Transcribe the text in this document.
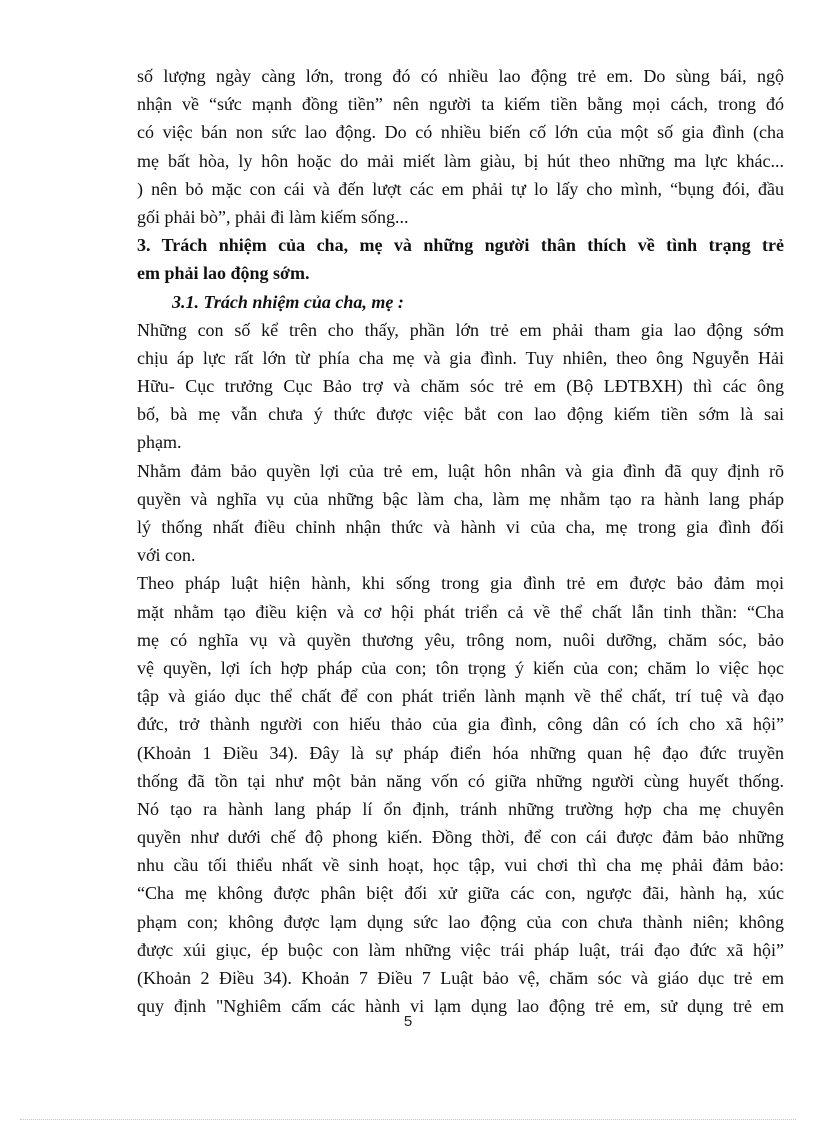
số lượng ngày càng lớn, trong đó có nhiều lao động trẻ em. Do sùng bái, ngộ
nhận về “sức mạnh đồng tiền” nên người ta kiếm tiền bằng mọi cách, trong đó
có việc bán non sức lao động. Do có nhiều biến cố lớn của một số gia đình (cha
mẹ bất hòa, ly hôn hoặc do mải miết làm giàu, bị hút theo những ma lực khác...
) nên bỏ mặc con cái và đến lượt các em phải tự lo lấy cho mình, “bụng đói, đầu
gối phải bò”, phải đi làm kiếm sống...
3. Trách nhiệm của cha, mẹ và những người thân thích về tình trạng trẻ
em phải lao động sớm.
3.1. Trách nhiệm của cha, mẹ :
Những con số kể trên cho thấy, phần lớn trẻ em phải tham gia lao động sớm
chịu áp lực rất lớn từ phía cha mẹ và gia đình. Tuy nhiên, theo ông Nguyễn Hải
Hữu- Cục trưởng Cục Bảo trợ và chăm sóc trẻ em (Bộ LĐTBXH) thì các ông
bố, bà mẹ vẫn chưa ý thức được việc bắt con lao động kiếm tiền sớm là sai
phạm.
Nhằm đảm bảo quyền lợi của trẻ em, luật hôn nhân và gia đình đã quy định rõ
quyền và nghĩa vụ của những bậc làm cha, làm mẹ nhằm tạo ra hành lang pháp
lý thống nhất điều chỉnh nhận thức và hành vi của cha, mẹ trong gia đình đối
với con.
Theo pháp luật hiện hành, khi sống trong gia đình trẻ em được bảo đảm mọi
mặt nhằm tạo điều kiện và cơ hội phát triển cả về thể chất lẫn tinh thần: “Cha
mẹ có nghĩa vụ và quyền thương yêu, trông nom, nuôi dưỡng, chăm sóc, bảo
vệ quyền, lợi ích hợp pháp của con; tôn trọng ý kiến của con; chăm lo việc học
tập và giáo dục thể chất để con phát triển lành mạnh về thể chất, trí tuệ và đạo
đức, trở thành người con hiếu thảo của gia đình, công dân có ích cho xã hội”
(Khoản 1 Điều 34). Đây là sự pháp điển hóa những quan hệ đạo đức truyền
thống đã tồn tại như một bản năng vốn có giữa những người cùng huyết thống.
Nó tạo ra hành lang pháp lí ổn định, tránh những trường hợp cha mẹ chuyên
quyền như dưới chế độ phong kiến. Đồng thời, để con cái được đảm bảo những
nhu cầu tối thiểu nhất về sinh hoạt, học tập, vui chơi thì cha mẹ phải đảm bảo:
“Cha mẹ không được phân biệt đối xử giữa các con, ngược đãi, hành hạ, xúc
phạm con; không được lạm dụng sức lao động của con chưa thành niên; không
được xúi giục, ép buộc con làm những việc trái pháp luật, trái đạo đức xã hội”
(Khoản 2 Điều 34). Khoản 7 Điều 7 Luật bảo vệ, chăm sóc và giáo dục trẻ em
quy định "Nghiêm cấm các hành vi lạm dụng lao động trẻ em, sử dụng trẻ em
5
